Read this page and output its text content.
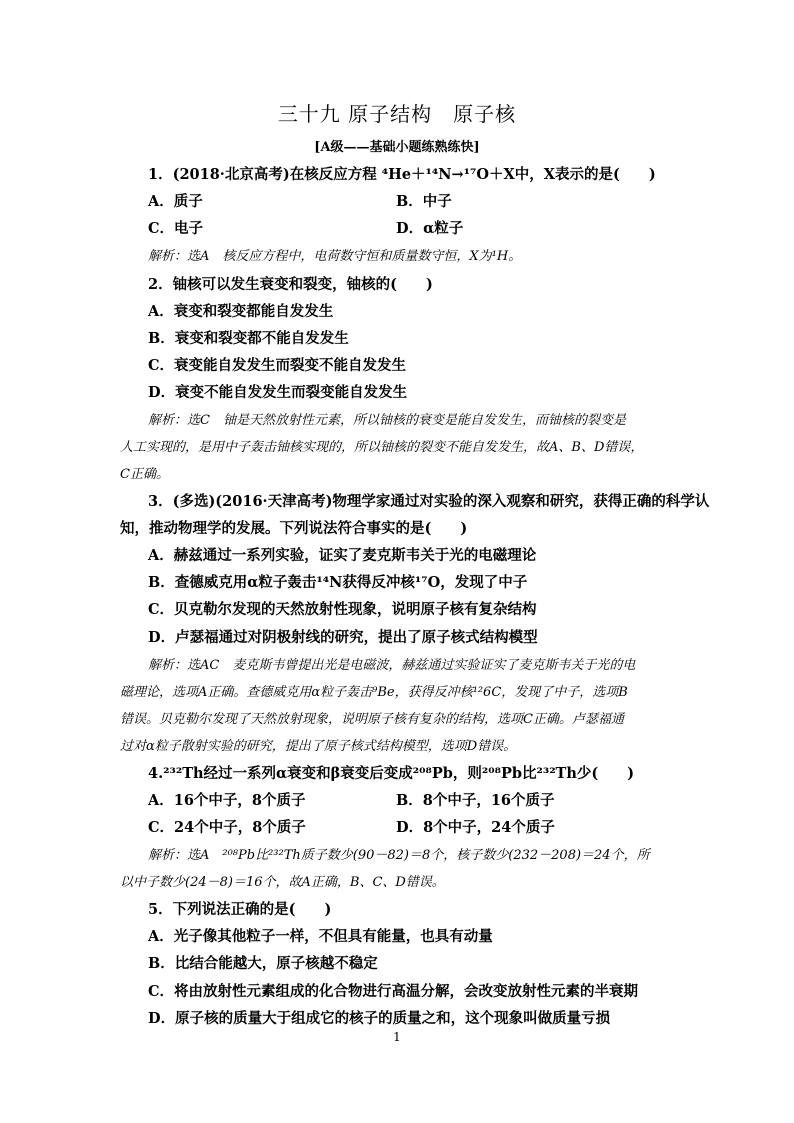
三十九 原子结构　原子核
[A级——基础小题练熟练快]
1．(2018·北京高考)在核反应方程 ⁴He＋¹⁴N→¹⁷O＋X中，X表示的是(　　)
A．质子	B．中子
C．电子	D．α粒子
解析：选A　核反应方程中，电荷数守恒和质量数守恒，X为¹H。
2．铀核可以发生衰变和裂变，铀核的(　　)
A．衰变和裂变都能自发发生
B．衰变和裂变都不能自发发生
C．衰变能自发发生而裂变不能自发发生
D．衰变不能自发发生而裂变能自发发生
解析：选C　铀是天然放射性元素，所以铀核的衰变是能自发发生，而铀核的裂变是
人工实现的，是用中子轰击铀核实现的，所以铀核的裂变不能自发发生，故A、B、D错误，
C正确。
3．(多选)(2016·天津高考)物理学家通过对实验的深入观察和研究，获得正确的科学认
知，推动物理学的发展。下列说法符合事实的是(　　)
A．赫兹通过一系列实验，证实了麦克斯韦关于光的电磁理论
B．查德威克用α粒子轰击¹⁴N获得反冲核¹⁷O，发现了中子
C．贝克勒尔发现的天然放射性现象，说明原子核有复杂结构
D．卢瑟福通过对阴极射线的研究，提出了原子核式结构模型
解析：选AC　麦克斯韦曾提出光是电磁波，赫兹通过实验证实了麦克斯韦关于光的电
磁理论，选项A正确。查德威克用α粒子轰击⁹Be，获得反冲核¹²6C，发现了中子，选项B
错误。贝克勒尔发现了天然放射现象，说明原子核有复杂的结构，选项C正确。卢瑟福通
过对α粒子散射实验的研究，提出了原子核式结构模型，选项D错误。
4.²³²Th经过一系列α衰变和β衰变后变成²⁰⁸Pb，则²⁰⁸Pb比²³²Th少(　　)
A．16个中子，8个质子	B．8个中子，16个质子
C．24个中子，8个质子	D．8个中子，24个质子
解析：选A　²⁰⁸Pb比²³²Th质子数少(90－82)＝8个，核子数少(232－208)＝24个，所
以中子数少(24－8)＝16个，故A正确，B、C、D错误。
5．下列说法正确的是(　　)
A．光子像其他粒子一样，不但具有能量，也具有动量
B．比结合能越大，原子核越不稳定
C．将由放射性元素组成的化合物进行高温分解，会改变放射性元素的半衰期
D．原子核的质量大于组成它的核子的质量之和，这个现象叫做质量亏损
1
